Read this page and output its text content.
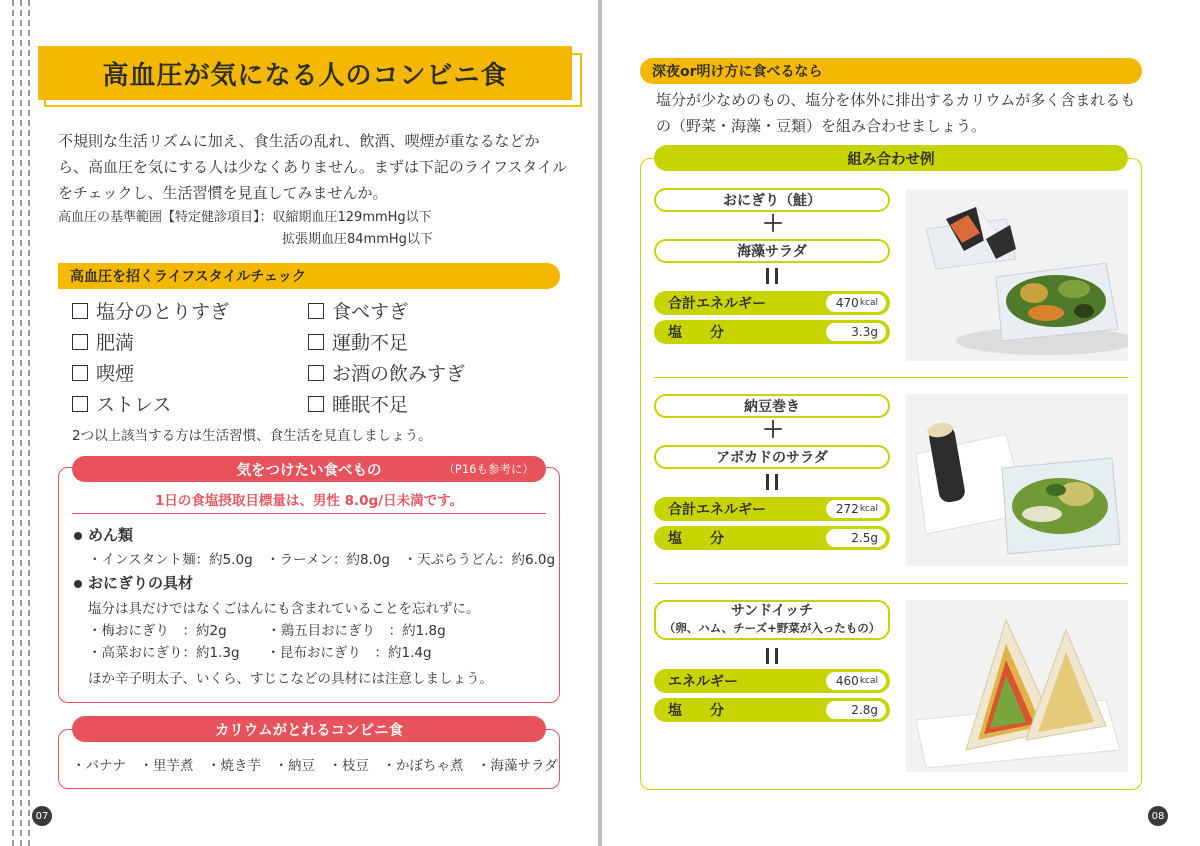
高血圧が気になる人のコンビニ食
不規則な生活リズムに加え、食生活の乱れ、飲酒、喫煙が重なるなどから、高血圧を気にする人は少なくありません。まずは下記のライフスタイルをチェックし、生活習慣を見直してみませんか。
高血圧の基準範囲【特定健診項目】：収縮期血圧129mmHg以下
拡張期血圧84mmHg以下
高血圧を招くライフスタイルチェック
塩分のとりすぎ	食べすぎ
肥満	運動不足
喫煙	お酒の飲みすぎ
ストレス	睡眠不足
2つ以上該当する方は生活習慣、食生活を見直しましょう。
気をつけたい食べもの	（P16も参考に）
1日の食塩摂取目標量は、男性 8.0g/日未満です。
めん類
・インスタント麺：約5.0g　・ラーメン：約8.0g　・天ぷらうどん：約6.0g
おにぎりの具材
塩分は具だけではなくごはんにも含まれていることを忘れずに。
・梅おにぎり　：約2g　　　・鶏五目おにぎり　：約1.8g
・高菜おにぎり：約1.3g　　・昆布おにぎり　：約1.4g
ほか辛子明太子、いくら、すじこなどの具材には注意しましょう。
カリウムがとれるコンビニ食
・バナナ　・里芋煮　・焼き芋　・納豆　・枝豆　・かぼちゃ煮　・海藻サラダ
07
深夜or明け方に食べるなら
塩分が少なめのもの、塩分を体外に排出するカリウムが多く含まれるもの（野菜・海藻・豆類）を組み合わせましょう。
組み合わせ例
おにぎり（鮭）
＋
海藻サラダ
合計エネルギー	470 kcal
塩　　分	3.3g
納豆巻き
＋
アボカドのサラダ
合計エネルギー	272 kcal
塩　　分	2.5g
サンドイッチ
（卵、ハム、チーズ+野菜が入ったもの）
エネルギー	460 kcal
塩　　分	2.8g
08
